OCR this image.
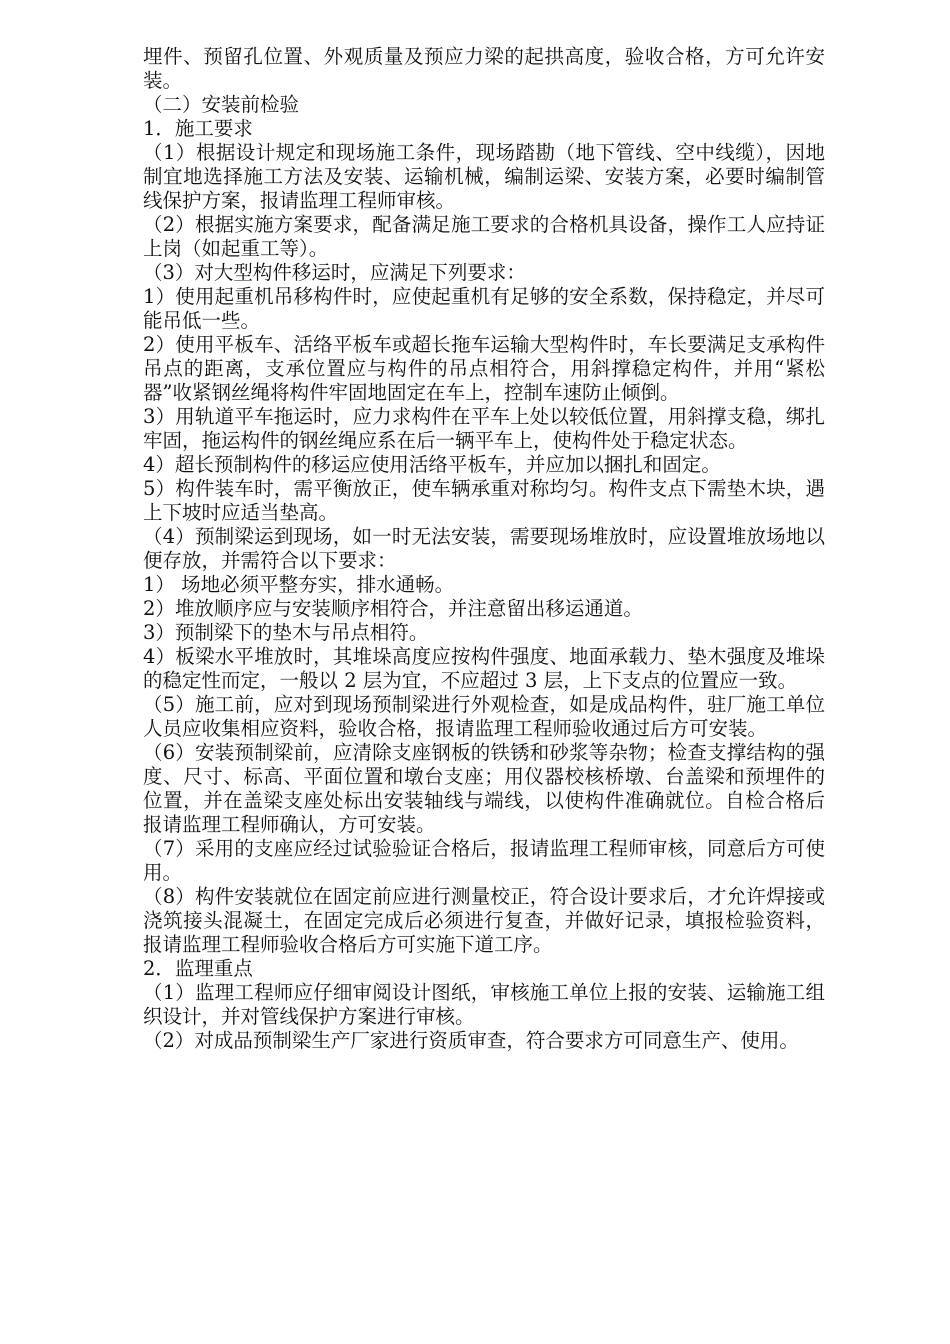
埋件、预留孔位置、外观质量及预应力梁的起拱高度，验收合格，方可允许安装。

（二）安装前检验

1．施工要求

（1）根据设计规定和现场施工条件，现场踏勘（地下管线、空中线缆），因地制宜地选择施工方法及安装、运输机械，编制运梁、安装方案，必要时编制管线保护方案，报请监理工程师审核。

（2）根据实施方案要求，配备满足施工要求的合格机具设备，操作工人应持证上岗（如起重工等）。

（3）对大型构件移运时，应满足下列要求：

1）使用起重机吊移构件时，应使起重机有足够的安全系数，保持稳定，并尽可能吊低一些。

2）使用平板车、活络平板车或超长拖车运输大型构件时，车长要满足支承构件吊点的距离，支承位置应与构件的吊点相符合，用斜撑稳定构件，并用“紧松器”收紧钢丝绳将构件牢固地固定在车上，控制车速防止倾倒。

3）用轨道平车拖运时，应力求构件在平车上处以较低位置，用斜撑支稳，绑扎牢固，拖运构件的钢丝绳应系在后一辆平车上，使构件处于稳定状态。

4）超长预制构件的移运应使用活络平板车，并应加以捆扎和固定。

5）构件装车时，需平衡放正，使车辆承重对称均匀。构件支点下需垫木块，遇上下坡时应适当垫高。

（4）预制梁运到现场，如一时无法安装，需要现场堆放时，应设置堆放场地以便存放，并需符合以下要求：

1） 场地必须平整夯实，排水通畅。

2）堆放顺序应与安装顺序相符合，并注意留出移运通道。

3）预制梁下的垫木与吊点相符。

4）板梁水平堆放时，其堆垛高度应按构件强度、地面承载力、垫木强度及堆垛的稳定性而定，一般以 2 层为宜，不应超过 3 层，上下支点的位置应一致。

（5）施工前，应对到现场预制梁进行外观检查，如是成品构件，驻厂施工单位人员应收集相应资料，验收合格，报请监理工程师验收通过后方可安装。

（6）安装预制梁前，应清除支座钢板的铁锈和砂浆等杂物；检查支撑结构的强度、尺寸、标高、平面位置和墩台支座；用仪器校核桥墩、台盖梁和预埋件的位置，并在盖梁支座处标出安装轴线与端线，以使构件准确就位。自检合格后报请监理工程师确认，方可安装。

（7）采用的支座应经过试验验证合格后，报请监理工程师审核，同意后方可使用。

（8）构件安装就位在固定前应进行测量校正，符合设计要求后，才允许焊接或浇筑接头混凝土，在固定完成后必须进行复查，并做好记录，填报检验资料，报请监理工程师验收合格后方可实施下道工序。

2．监理重点

（1）监理工程师应仔细审阅设计图纸，审核施工单位上报的安装、运输施工组织设计，并对管线保护方案进行审核。

（2）对成品预制梁生产厂家进行资质审查，符合要求方可同意生产、使用。
